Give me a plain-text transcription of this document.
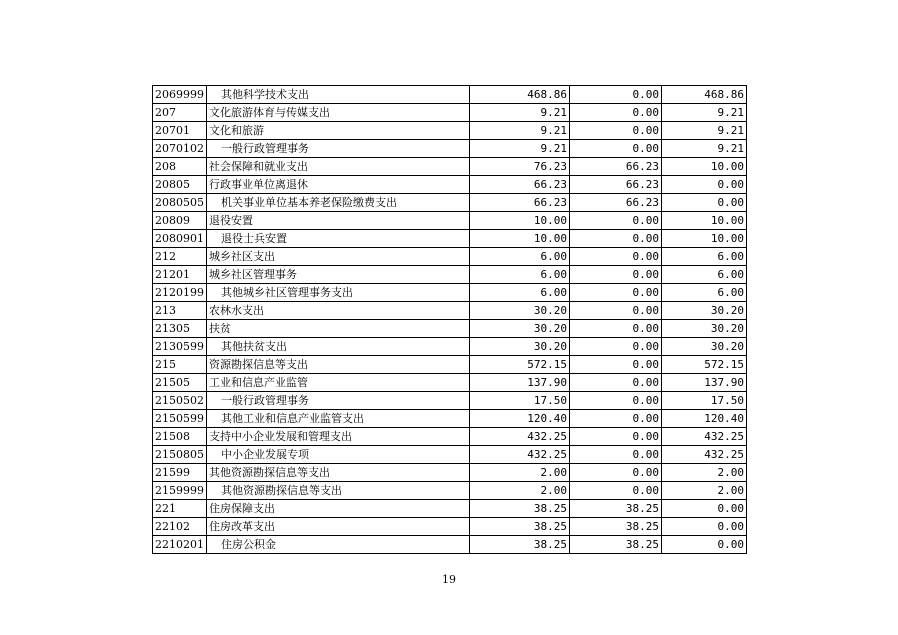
2069999	其他科学技术支出	468.86	0.00	468.86
207	文化旅游体育与传媒支出	9.21	0.00	9.21
20701	文化和旅游	9.21	0.00	9.21
2070102	一般行政管理事务	9.21	0.00	9.21
208	社会保障和就业支出	76.23	66.23	10.00
20805	行政事业单位离退休	66.23	66.23	0.00
2080505	机关事业单位基本养老保险缴费支出	66.23	66.23	0.00
20809	退役安置	10.00	0.00	10.00
2080901	退役士兵安置	10.00	0.00	10.00
212	城乡社区支出	6.00	0.00	6.00
21201	城乡社区管理事务	6.00	0.00	6.00
2120199	其他城乡社区管理事务支出	6.00	0.00	6.00
213	农林水支出	30.20	0.00	30.20
21305	扶贫	30.20	0.00	30.20
2130599	其他扶贫支出	30.20	0.00	30.20
215	资源勘探信息等支出	572.15	0.00	572.15
21505	工业和信息产业监管	137.90	0.00	137.90
2150502	一般行政管理事务	17.50	0.00	17.50
2150599	其他工业和信息产业监管支出	120.40	0.00	120.40
21508	支持中小企业发展和管理支出	432.25	0.00	432.25
2150805	中小企业发展专项	432.25	0.00	432.25
21599	其他资源勘探信息等支出	2.00	0.00	2.00
2159999	其他资源勘探信息等支出	2.00	0.00	2.00
221	住房保障支出	38.25	38.25	0.00
22102	住房改革支出	38.25	38.25	0.00
2210201	住房公积金	38.25	38.25	0.00
19
